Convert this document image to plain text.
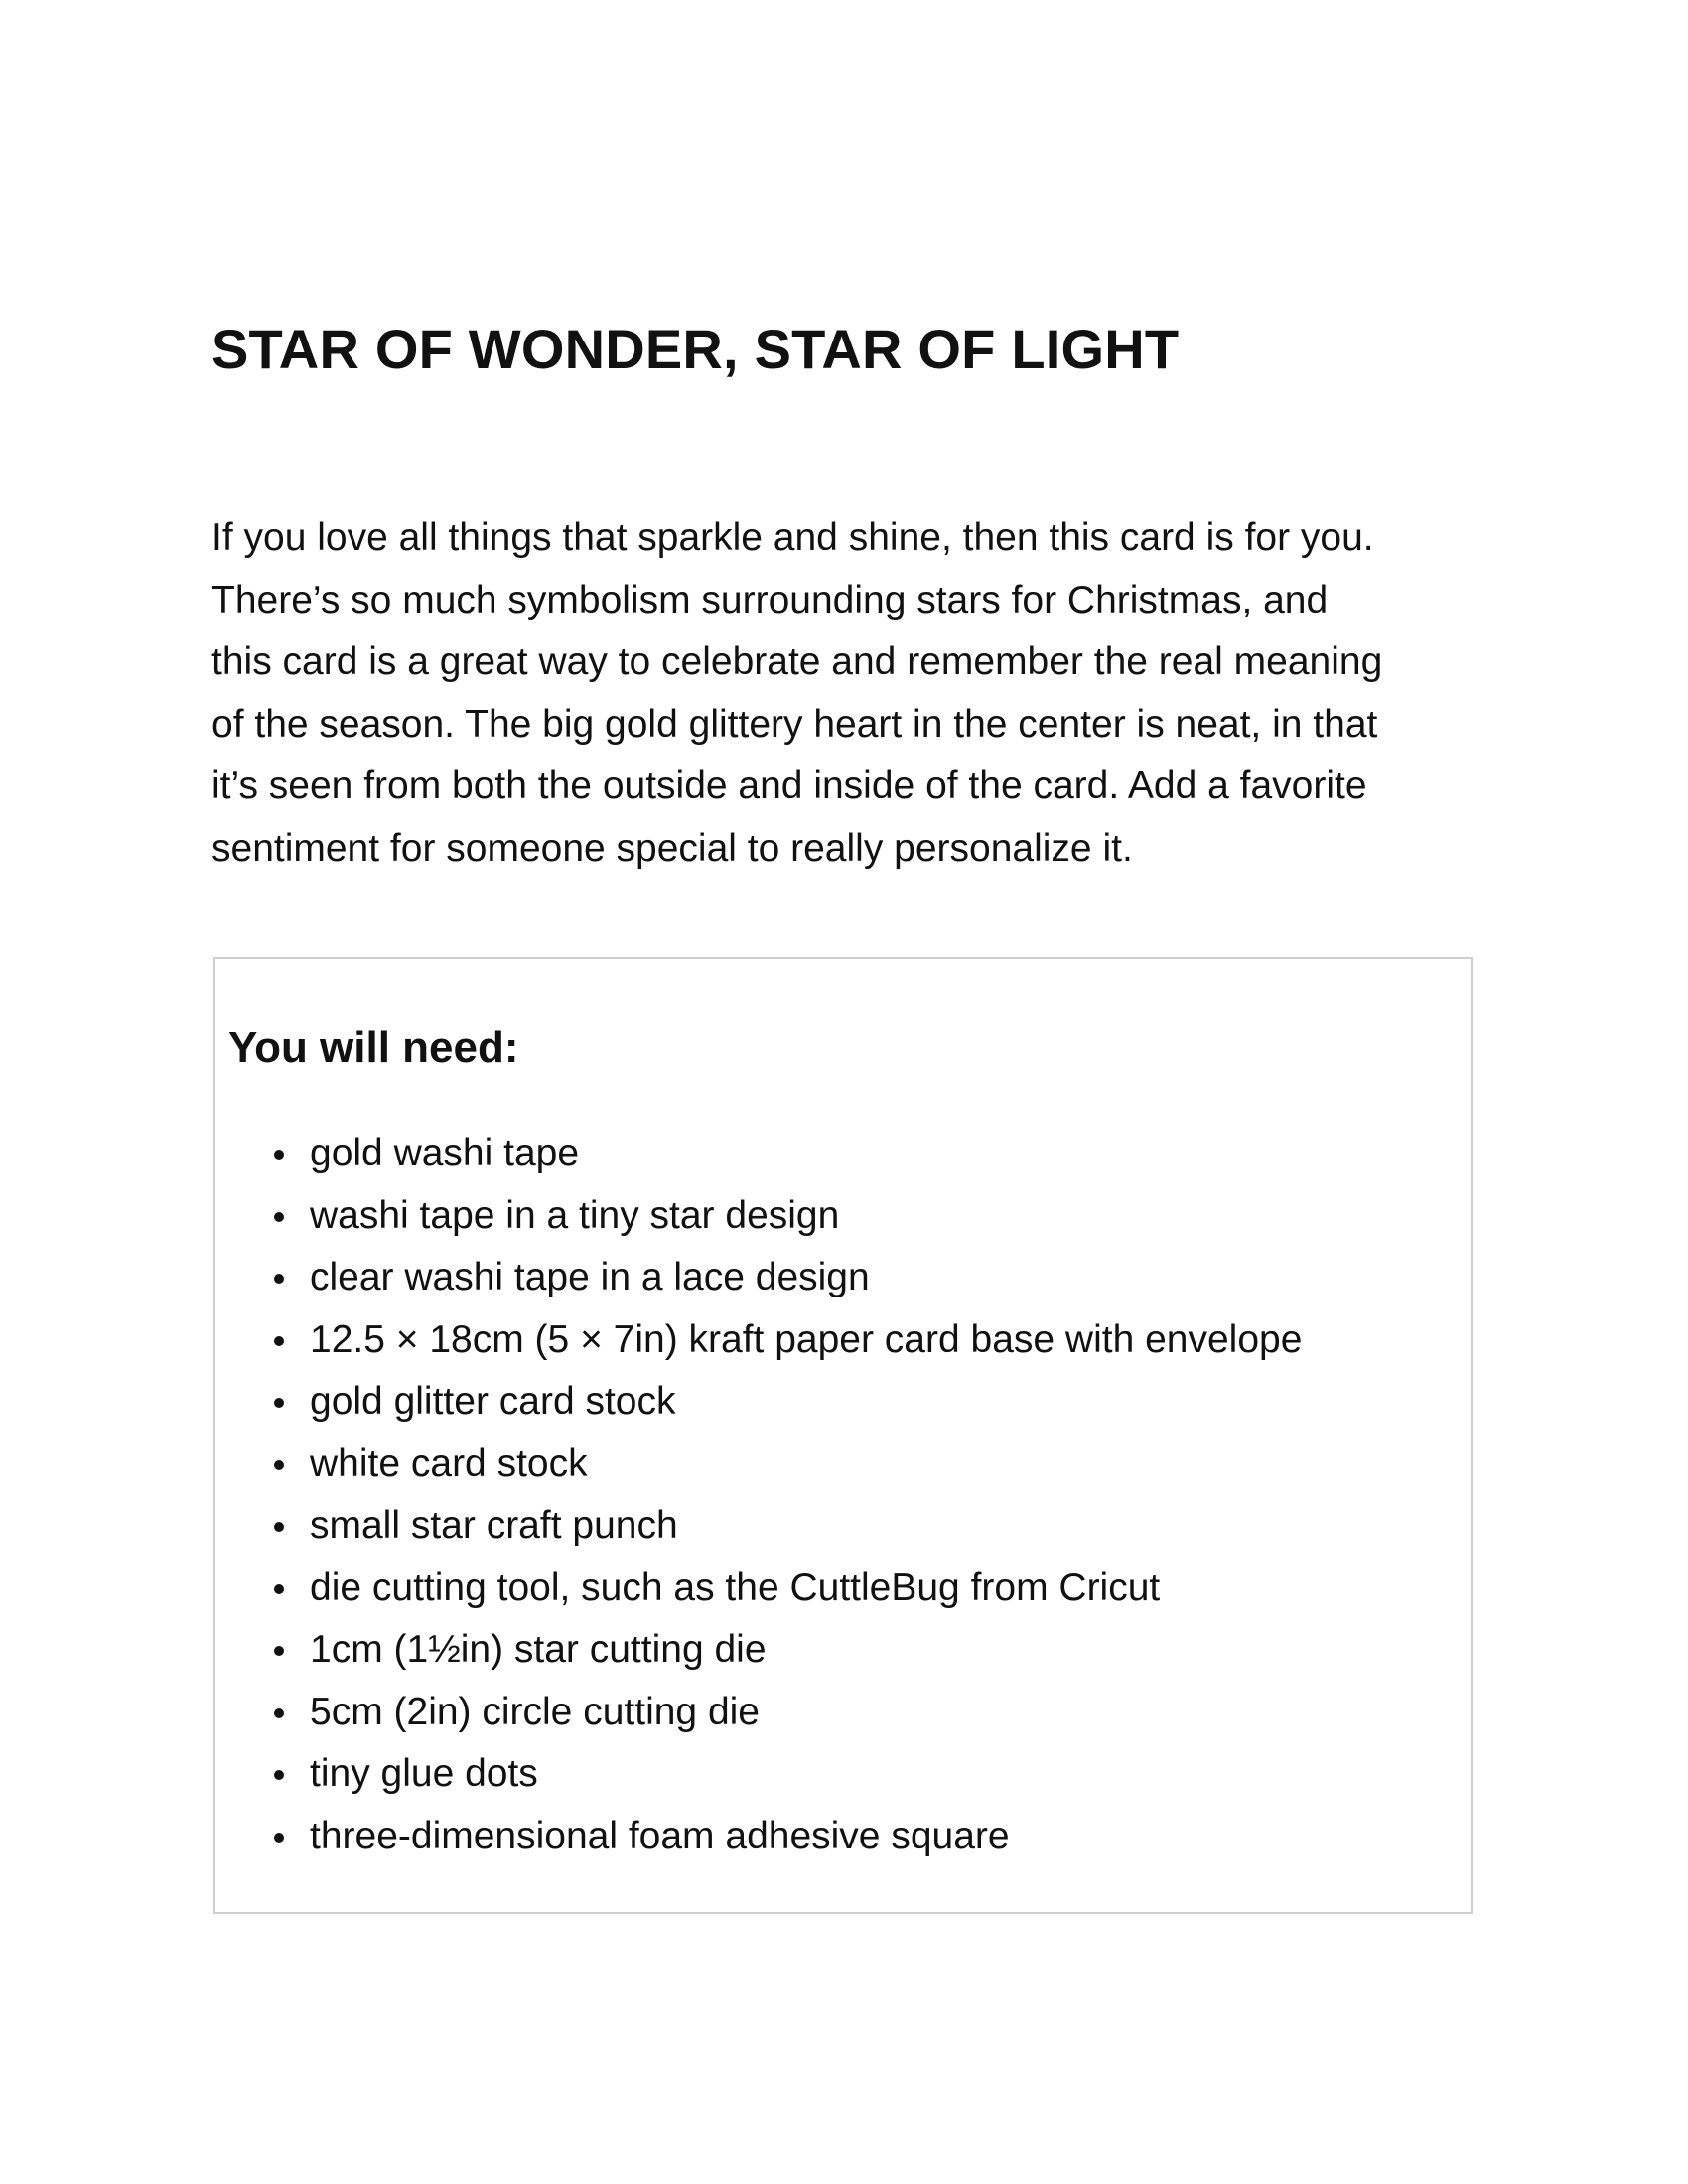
STAR OF WONDER, STAR OF LIGHT

If you love all things that sparkle and shine, then this card is for you.
There’s so much symbolism surrounding stars for Christmas, and
this card is a great way to celebrate and remember the real meaning
of the season. The big gold glittery heart in the center is neat, in that
it’s seen from both the outside and inside of the card. Add a favorite
sentiment for someone special to really personalize it.

You will need:
gold washi tape
washi tape in a tiny star design
clear washi tape in a lace design
12.5 × 18cm (5 × 7in) kraft paper card base with envelope
gold glitter card stock
white card stock
small star craft punch
die cutting tool, such as the CuttleBug from Cricut
1cm (1½in) star cutting die
5cm (2in) circle cutting die
tiny glue dots
three-dimensional foam adhesive square
